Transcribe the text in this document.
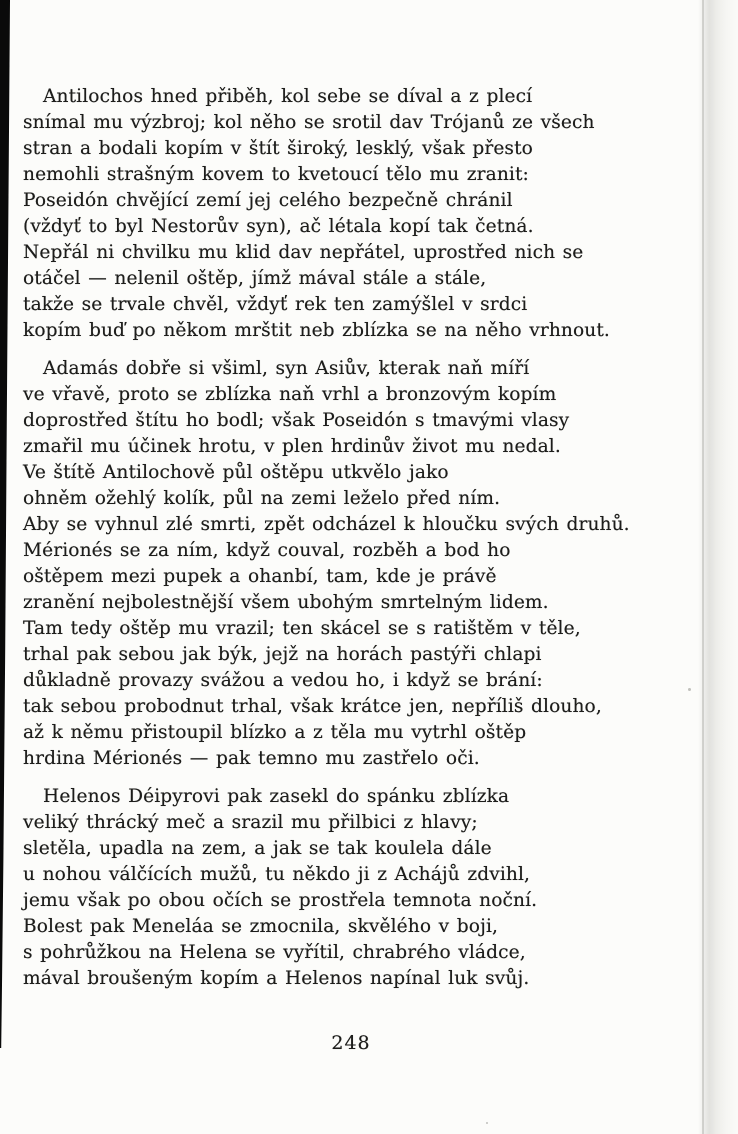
Antilochos hned přiběh, kol sebe se díval a z plecí
snímal mu výzbroj; kol něho se srotil dav Trójanů ze všech
stran a bodali kopím v štít široký, lesklý, však přesto
nemohli strašným kovem to kvetoucí tělo mu zranit:
Poseidón chvějící zemí jej celého bezpečně chránil
(vždyť to byl Nestorův syn), ač létala kopí tak četná.
Nepřál ni chvilku mu klid dav nepřátel, uprostřed nich se
otáčel — nelenil oštěp, jímž mával stále a stále,
takže se trvale chvěl, vždyť rek ten zamýšlel v srdci
kopím buď po někom mrštit neb zblízka se na něho vrhnout.
Adamás dobře si všiml, syn Asiův, kterak naň míří
ve vřavě, proto se zblízka naň vrhl a bronzovým kopím
doprostřed štítu ho bodl; však Poseidón s tmavými vlasy
zmařil mu účinek hrotu, v plen hrdinův život mu nedal.
Ve štítě Antilochově půl oštěpu utkvělo jako
ohněm ožehlý kolík, půl na zemi leželo před ním.
Aby se vyhnul zlé smrti, zpět odcházel k hloučku svých druhů.
Mérionés se za ním, když couval, rozběh a bod ho
oštěpem mezi pupek a ohanbí, tam, kde je právě
zranění nejbolestnější všem ubohým smrtelným lidem.
Tam tedy oštěp mu vrazil; ten skácel se s ratištěm v těle,
trhal pak sebou jak býk, jejž na horách pastýři chlapi
důkladně provazy svážou a vedou ho, i když se brání:
tak sebou probodnut trhal, však krátce jen, nepříliš dlouho,
až k němu přistoupil blízko a z těla mu vytrhl oštěp
hrdina Mérionés — pak temno mu zastřelo oči.
Helenos Déipyrovi pak zasekl do spánku zblízka
veliký thrácký meč a srazil mu přilbici z hlavy;
sletěla, upadla na zem, a jak se tak koulela dále
u nohou válčících mužů, tu někdo ji z Achájů zdvihl,
jemu však po obou očích se prostřela temnota noční.
Bolest pak Meneláa se zmocnila, skvělého v boji,
s pohrůžkou na Helena se vyřítil, chrabrého vládce,
mával broušeným kopím a Helenos napínal luk svůj.
248
